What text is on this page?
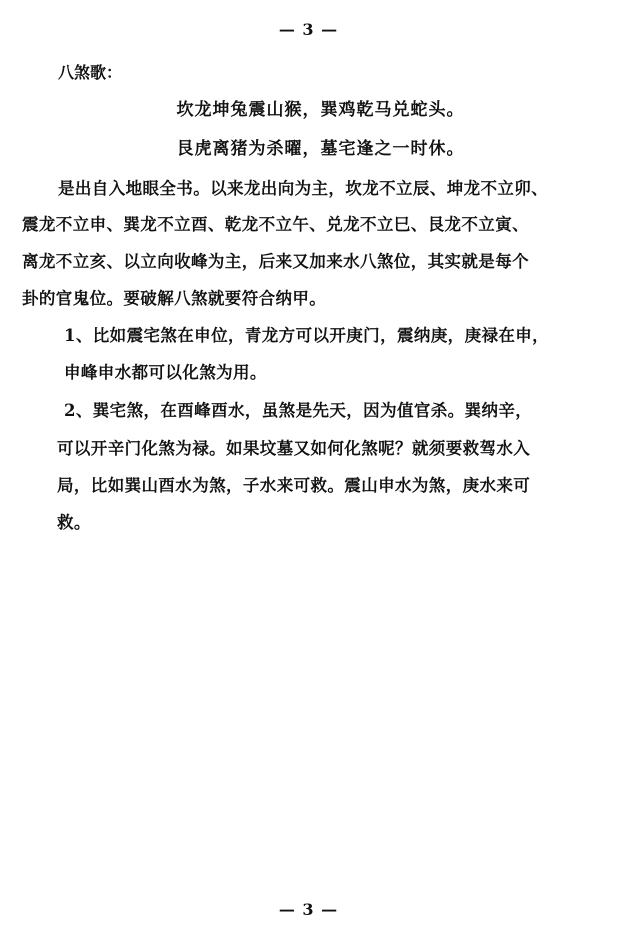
— 3 —
八煞歌：
坎龙坤兔震山猴，巽鸡乾马兑蛇头。
艮虎离猪为杀曜，墓宅逢之一时休。
是出自入地眼全书。以来龙出向为主，坎龙不立辰、坤龙不立卯、
震龙不立申、巽龙不立酉、乾龙不立午、兑龙不立巳、艮龙不立寅、
离龙不立亥、以立向收峰为主，后来又加来水八煞位，其实就是每个
卦的官鬼位。要破解八煞就要符合纳甲。
1、比如震宅煞在申位，青龙方可以开庚门，震纳庚，庚禄在申，
申峰申水都可以化煞为用。
2、巽宅煞，在酉峰酉水，虽煞是先天，因为值官杀。巽纳辛，
可以开辛门化煞为禄。如果坟墓又如何化煞呢？就须要救驾水入
局，比如巽山酉水为煞，子水来可救。震山申水为煞，庚水来可
救。
— 3 —
